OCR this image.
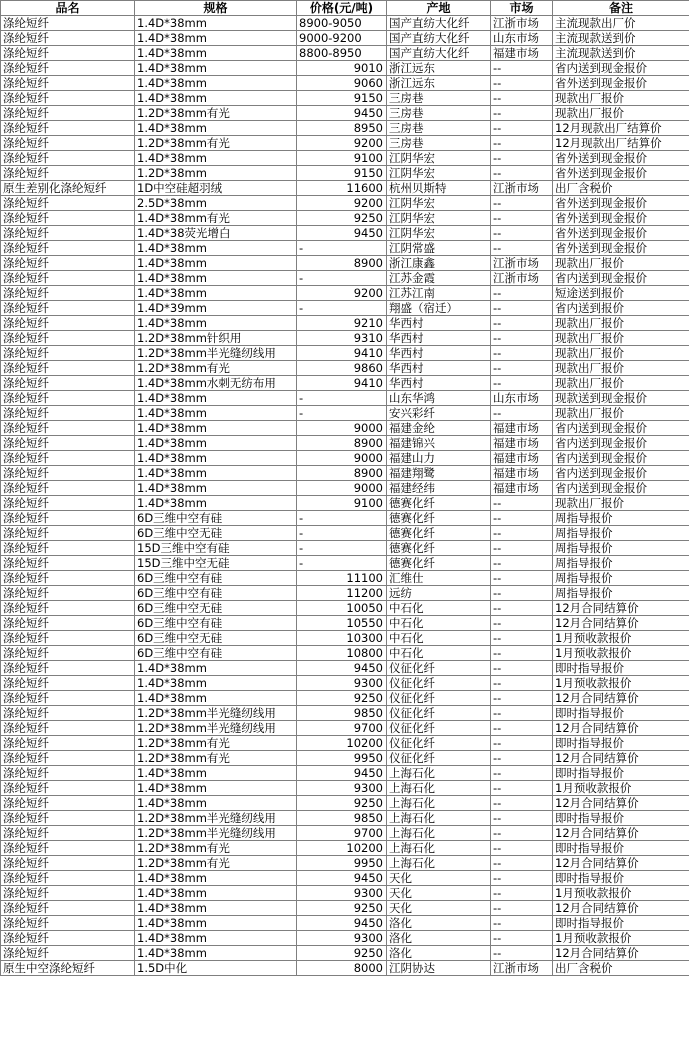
品名	规格	价格(元/吨)	产地	市场	备注
涤纶短纤	1.4D*38mm	8900-9050	国产直纺大化纤	江浙市场	主流现款出厂价
涤纶短纤	1.4D*38mm	9000-9200	国产直纺大化纤	山东市场	主流现款送到价
涤纶短纤	1.4D*38mm	8800-8950	国产直纺大化纤	福建市场	主流现款送到价
涤纶短纤	1.4D*38mm	9010	浙江远东	--	省内送到现金报价
涤纶短纤	1.4D*38mm	9060	浙江远东	--	省外送到现金报价
涤纶短纤	1.4D*38mm	9150	三房巷	--	现款出厂报价
涤纶短纤	1.2D*38mm有光	9450	三房巷	--	现款出厂报价
涤纶短纤	1.4D*38mm	8950	三房巷	--	12月现款出厂结算价
涤纶短纤	1.2D*38mm有光	9200	三房巷	--	12月现款出厂结算价
涤纶短纤	1.4D*38mm	9100	江阴华宏	--	省外送到现金报价
涤纶短纤	1.2D*38mm	9150	江阴华宏	--	省外送到现金报价
原生差别化涤纶短纤	1D中空硅超羽绒	11600	杭州贝斯特	江浙市场	出厂含税价
涤纶短纤	2.5D*38mm	9200	江阴华宏	--	省外送到现金报价
涤纶短纤	1.4D*38mm有光	9250	江阴华宏	--	省外送到现金报价
涤纶短纤	1.4D*38荧光增白	9450	江阴华宏	--	省外送到现金报价
涤纶短纤	1.4D*38mm	-	江阴常盛	--	省外送到现金报价
涤纶短纤	1.4D*38mm	8900	浙江康鑫	江浙市场	现款出厂报价
涤纶短纤	1.4D*38mm	-	江苏金霞	江浙市场	省内送到现金报价
涤纶短纤	1.4D*38mm	9200	江苏江南	--	短途送到报价
涤纶短纤	1.4D*39mm	-	翔盛（宿迁）	--	省内送到报价
涤纶短纤	1.4D*38mm	9210	华西村	--	现款出厂报价
涤纶短纤	1.2D*38mm针织用	9310	华西村	--	现款出厂报价
涤纶短纤	1.2D*38mm半光缝纫线用	9410	华西村	--	现款出厂报价
涤纶短纤	1.2D*38mm有光	9860	华西村	--	现款出厂报价
涤纶短纤	1.4D*38mm水刺无纺布用	9410	华西村	--	现款出厂报价
涤纶短纤	1.4D*38mm	-	山东华鸿	山东市场	现款送到现金报价
涤纶短纤	1.4D*38mm	-	安兴彩纤	--	现款出厂报价
涤纶短纤	1.4D*38mm	9000	福建金纶	福建市场	省内送到现金报价
涤纶短纤	1.4D*38mm	8900	福建锦兴	福建市场	省内送到现金报价
涤纶短纤	1.4D*38mm	9000	福建山力	福建市场	省内送到现金报价
涤纶短纤	1.4D*38mm	8900	福建翔鹭	福建市场	省内送到现金报价
涤纶短纤	1.4D*38mm	9000	福建经纬	福建市场	省内送到现金报价
涤纶短纤	1.4D*38mm	9100	德赛化纤	--	现款出厂报价
涤纶短纤	6D三维中空有硅	-	德赛化纤	--	周指导报价
涤纶短纤	6D三维中空无硅	-	德赛化纤	--	周指导报价
涤纶短纤	15D三维中空有硅	-	德赛化纤	--	周指导报价
涤纶短纤	15D三维中空无硅	-	德赛化纤	--	周指导报价
涤纶短纤	6D三维中空有硅	11100	汇维仕	--	周指导报价
涤纶短纤	6D三维中空有硅	11200	远纺	--	周指导报价
涤纶短纤	6D三维中空无硅	10050	中石化	--	12月合同结算价
涤纶短纤	6D三维中空有硅	10550	中石化	--	12月合同结算价
涤纶短纤	6D三维中空无硅	10300	中石化	--	1月预收款报价
涤纶短纤	6D三维中空有硅	10800	中石化	--	1月预收款报价
涤纶短纤	1.4D*38mm	9450	仪征化纤	--	即时指导报价
涤纶短纤	1.4D*38mm	9300	仪征化纤	--	1月预收款报价
涤纶短纤	1.4D*38mm	9250	仪征化纤	--	12月合同结算价
涤纶短纤	1.2D*38mm半光缝纫线用	9850	仪征化纤	--	即时指导报价
涤纶短纤	1.2D*38mm半光缝纫线用	9700	仪征化纤	--	12月合同结算价
涤纶短纤	1.2D*38mm有光	10200	仪征化纤	--	即时指导报价
涤纶短纤	1.2D*38mm有光	9950	仪征化纤	--	12月合同结算价
涤纶短纤	1.4D*38mm	9450	上海石化	--	即时指导报价
涤纶短纤	1.4D*38mm	9300	上海石化	--	1月预收款报价
涤纶短纤	1.4D*38mm	9250	上海石化	--	12月合同结算价
涤纶短纤	1.2D*38mm半光缝纫线用	9850	上海石化	--	即时指导报价
涤纶短纤	1.2D*38mm半光缝纫线用	9700	上海石化	--	12月合同结算价
涤纶短纤	1.2D*38mm有光	10200	上海石化	--	即时指导报价
涤纶短纤	1.2D*38mm有光	9950	上海石化	--	12月合同结算价
涤纶短纤	1.4D*38mm	9450	天化	--	即时指导报价
涤纶短纤	1.4D*38mm	9300	天化	--	1月预收款报价
涤纶短纤	1.4D*38mm	9250	天化	--	12月合同结算价
涤纶短纤	1.4D*38mm	9450	洛化	--	即时指导报价
涤纶短纤	1.4D*38mm	9300	洛化	--	1月预收款报价
涤纶短纤	1.4D*38mm	9250	洛化	--	12月合同结算价
原生中空涤纶短纤	1.5D中化	8000	江阴协达	江浙市场	出厂含税价
